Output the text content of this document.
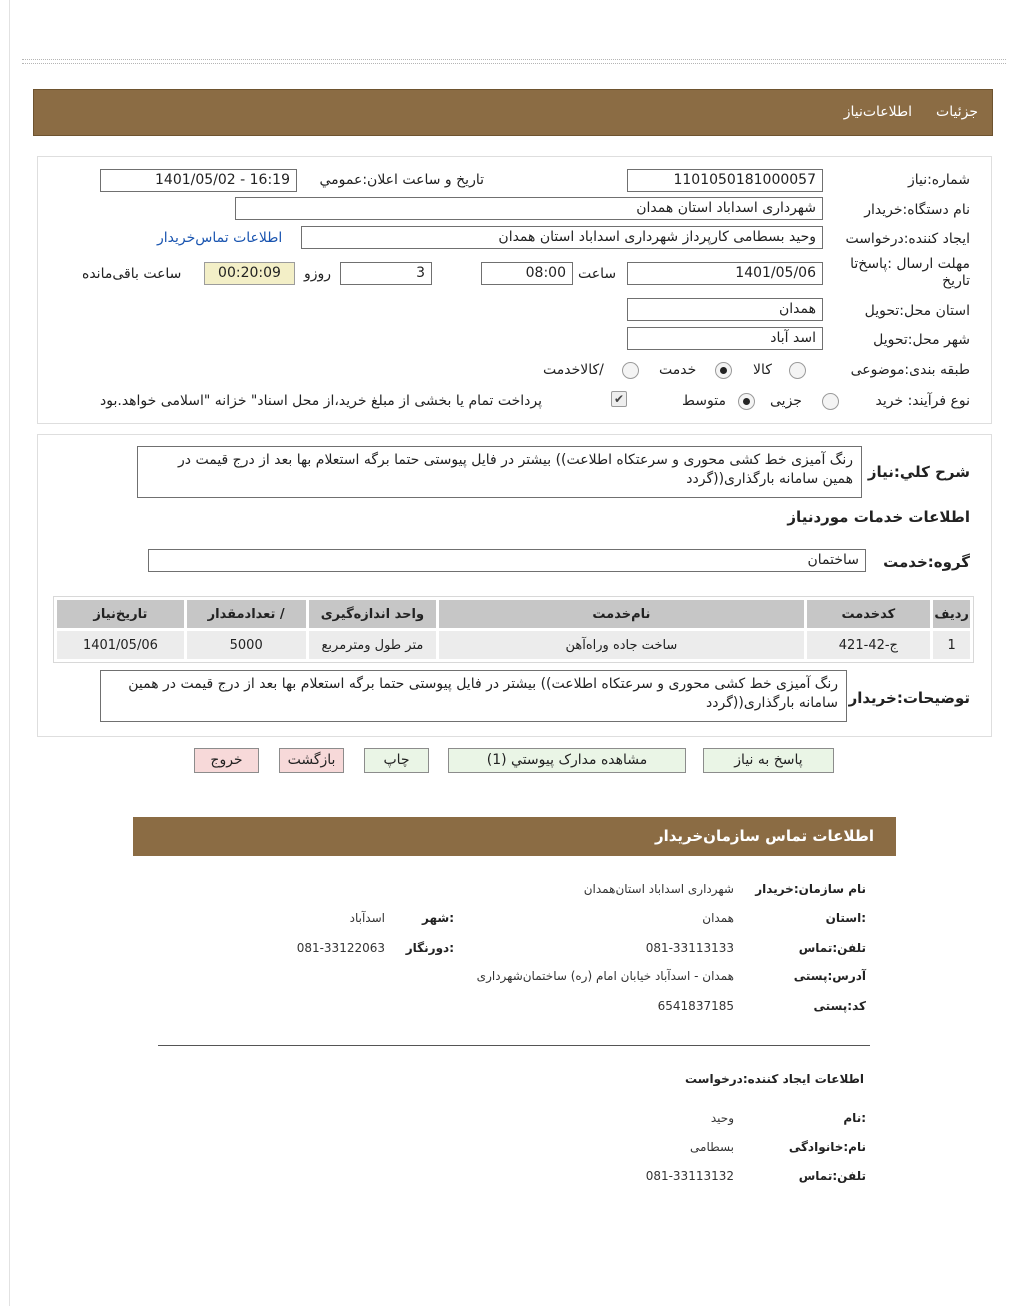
جزئیات
اطلاعات‌نیاز
شماره:نیاز
1101050181000057
تاریخ و ساعت اعلان:عمومي
1401/05/02 - 16:19
نام دستگاه:خریدار
شهرداری اسداباد استان همدان
ایجاد کننده:درخواست
وحید بسطامی کارپرداز شهرداری اسداباد استان همدان
اطلاعات تماس‌خریدار
مهلت ارسال :پاسخ‌تا تاریخ
1401/05/06
ساعت
08:00
3
روزو
00:20:09
ساعت باقی‌مانده
استان محل:تحویل
همدان
شهر محل:تحویل
اسد آباد
طبقه بندی:موضوعی
کالا
خدمت
/کالاخدمت
نوع فرآیند: خرید
جزیی
متوسط
✔
پرداخت تمام یا بخشی از مبلغ خرید،از محل اسناد" خزانه "اسلامی خواهد.بود
شرح کلي:نیاز
رنگ آمیزی خط کشی محوری و سرعتکاه اطلاعت)) بیشتر در فایل پیوستی حتما برگه استعلام بها بعد از درج قیمت در همین سامانه بارگذاری((گردد
اطلاعات خدمات موردنیاز
گروه:خدمت
ساختمان
ردیف	کدخدمت	نام‌خدمت	واحد اندازه‌گیری	/ تعدادمقدار	تاریخ‌نیاز
1	ج-42-421	ساخت جاده وراه‌آهن	متر طول ومترمربع	5000	1401/05/06
توضیحات:خریدار
رنگ آمیزی خط کشی محوری و سرعتکاه اطلاعت)) بیشتر در فایل پیوستی حتما برگه استعلام بها بعد از درج قیمت در همین سامانه بارگذاری((گردد
پاسخ به نیاز
مشاهده مدارک پیوستي (1)
چاپ
بازگشت
خروج
اطلاعات تماس سازمان‌خریدار
نام سازمان:خریدار
شهرداری اسداباد استان‌همدان
:استان
همدان
:شهر
اسدآباد
تلفن:تماس
081-33113133
:دورنگار
081-33122063
آدرس:پستی
همدان - اسدآباد خیابان امام (ره) ساختمان‌شهرداری
کد:پستی
6541837185
اطلاعات ایجاد کننده:درخواست
:نام
وحید
نام:خانوادگی
بسطامی
تلفن:تماس
081-33113132
